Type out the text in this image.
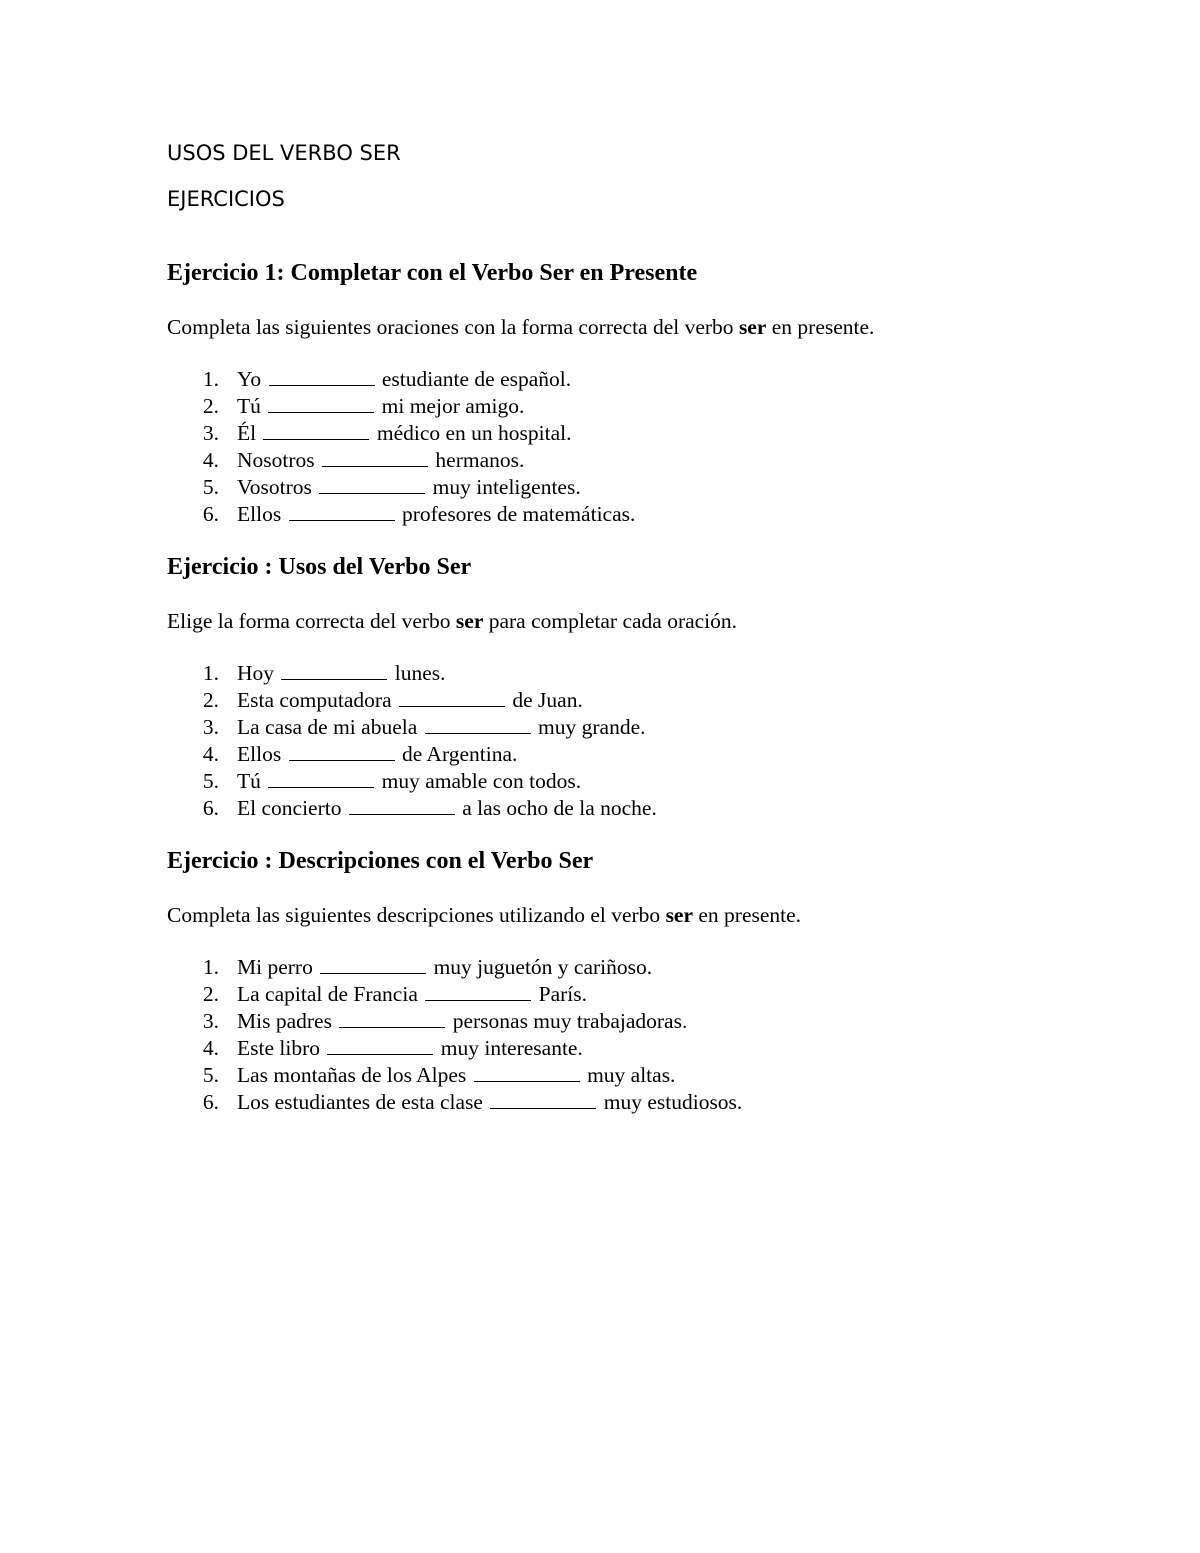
USOS DEL VERBO SER

EJERCICIOS

Ejercicio 1: Completar con el Verbo Ser en Presente

Completa las siguientes oraciones con la forma correcta del verbo ser en presente.

1. Yo	estudiante de español.
2. Tú	mi mejor amigo.
3. Él	médico en un hospital.
4. Nosotros	hermanos.
5. Vosotros	muy inteligentes.
6. Ellos	profesores de matemáticas.

Ejercicio : Usos del Verbo Ser

Elige la forma correcta del verbo ser para completar cada oración.

1. Hoy	lunes.
2. Esta computadora	de Juan.
3. La casa de mi abuela	muy grande.
4. Ellos	de Argentina.
5. Tú	muy amable con todos.
6. El concierto	a las ocho de la noche.

Ejercicio : Descripciones con el Verbo Ser

Completa las siguientes descripciones utilizando el verbo ser en presente.

1. Mi perro	muy juguetón y cariñoso.
2. La capital de Francia	París.
3. Mis padres	personas muy trabajadoras.
4. Este libro	muy interesante.
5. Las montañas de los Alpes	muy altas.
6. Los estudiantes de esta clase	muy estudiosos.
